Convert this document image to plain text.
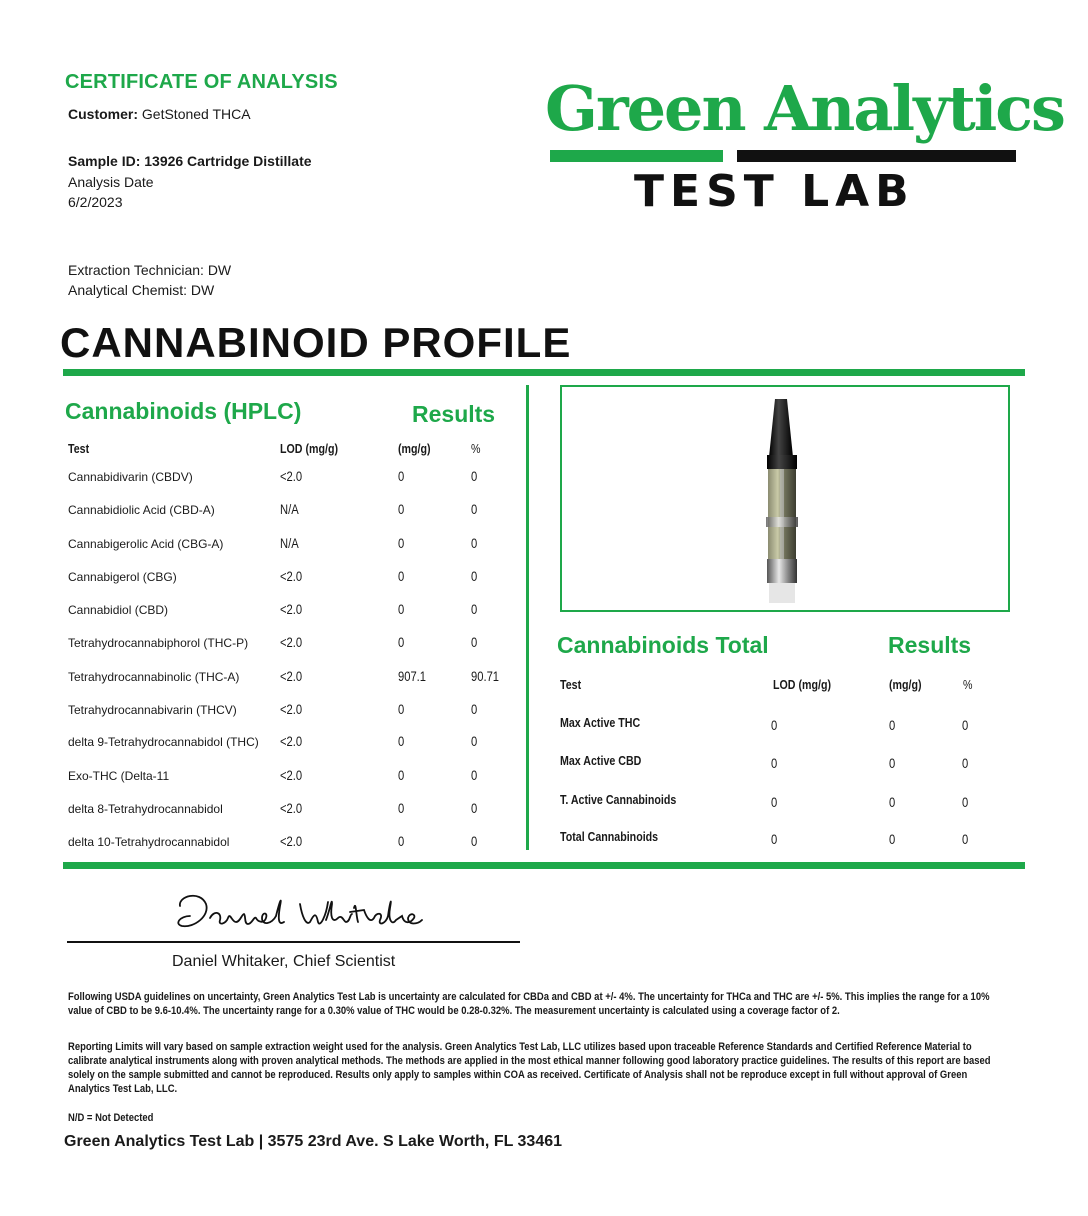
CERTIFICATE OF ANALYSIS
Customer: GetStoned THCA
Sample ID: 13926 Cartridge Distillate
Analysis Date
6/2/2023
Extraction Technician: DW
Analytical Chemist: DW
Green Analytics
TEST LAB
CANNABINOID PROFILE
Cannabinoids (HPLC)	Results
Test	LOD (mg/g)	(mg/g)	%
Cannabidivarin (CBDV)	<2.0	0	0
Cannabidiolic Acid (CBD-A)	N/A	0	0
Cannabigerolic Acid (CBG-A)	N/A	0	0
Cannabigerol (CBG)	<2.0	0	0
Cannabidiol (CBD)	<2.0	0	0
Tetrahydrocannabiphorol (THC-P) <2.0	0	0
Tetrahydrocannabinolic (THC-A)	<2.0	907.1	90.71
Tetrahydrocannabivarin (THCV)	<2.0	0	0
delta 9-Tetrahydrocannabidol (THC) <2.0	0	0
Exo-THC (Delta-11	<2.0	0	0
delta 8-Tetrahydrocannabidol	<2.0	0	0
delta 10-Tetrahydrocannabidol	<2.0	0	0
Cannabinoids Total	Results
Test	LOD (mg/g)	(mg/g)	%
Max Active THC	0	0	0
Max Active CBD	0	0	0
T. Active Cannabinoids	0	0	0
Total Cannabinoids	0	0	0
Daniel Whitaker, Chief Scientist
Following USDA guidelines on uncertainty, Green Analytics Test Lab is uncertainty are calculated for CBDa and CBD at +/- 4%. The uncertainty for THCa and THC are +/- 5%. This implies the range for a 10% value of CBD to be 9.6-10.4%. The uncertainty range for a 0.30% value of THC would be 0.28-0.32%. The measurement uncertainty is calculated using a coverage factor of 2.
Reporting Limits will vary based on sample extraction weight used for the analysis. Green Analytics Test Lab, LLC utilizes based upon traceable Reference Standards and Certified Reference Material to calibrate analytical instruments along with proven analytical methods. The methods are applied in the most ethical manner following good laboratory practice guidelines. The results of this report are based solely on the sample submitted and cannot be reproduced. Results only apply to samples within COA as received. Certificate of Analysis shall not be reproduce except in full without approval of Green Analytics Test Lab, LLC.
N/D = Not Detected
Green Analytics Test Lab | 3575 23rd Ave. S Lake Worth, FL 33461
